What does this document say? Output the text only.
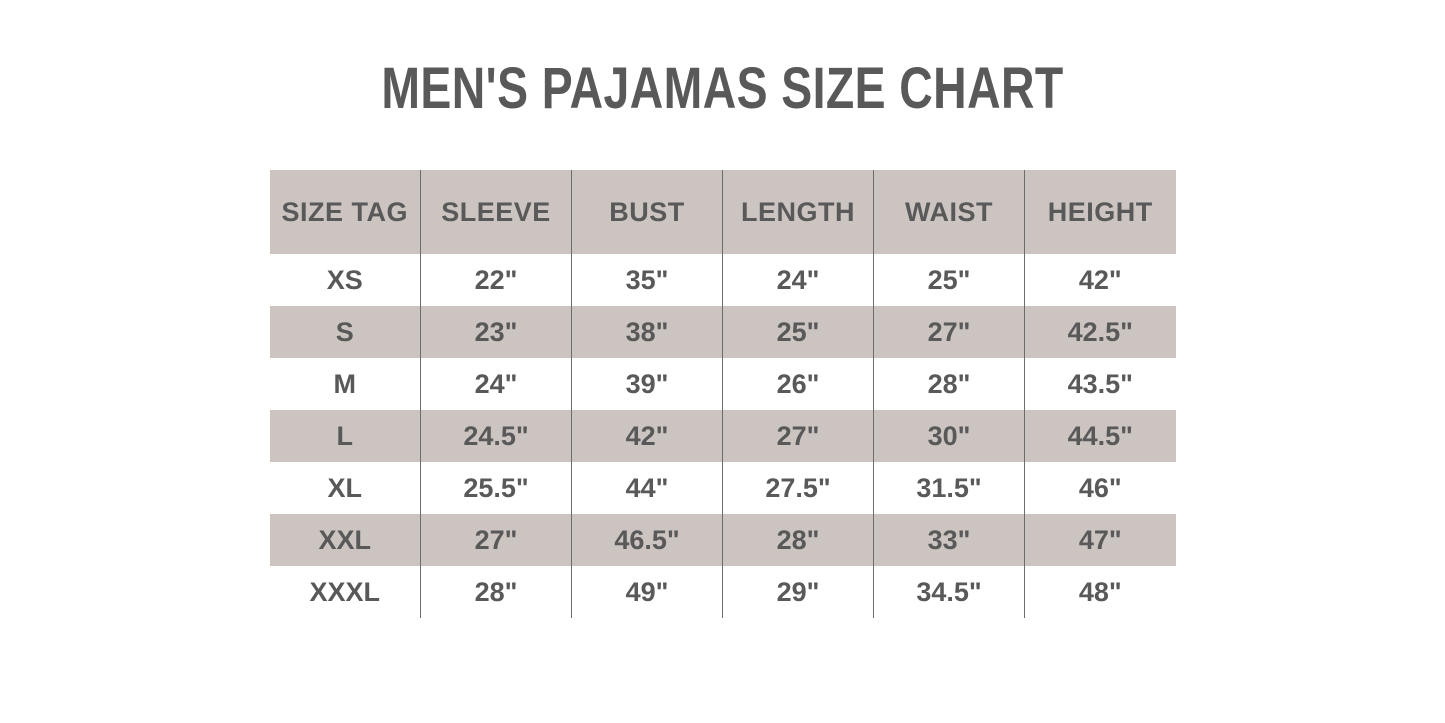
MEN'S PAJAMAS SIZE CHART
SIZE TAG	SLEEVE	BUST	LENGTH	WAIST	HEIGHT
XS	22"	35"	24"	25"	42"
S	23"	38"	25"	27"	42.5"
M	24"	39"	26"	28"	43.5"
L	24.5"	42"	27"	30"	44.5"
XL	25.5"	44"	27.5"	31.5"	46"
XXL	27"	46.5"	28"	33"	47"
XXXL	28"	49"	29"	34.5"	48"
